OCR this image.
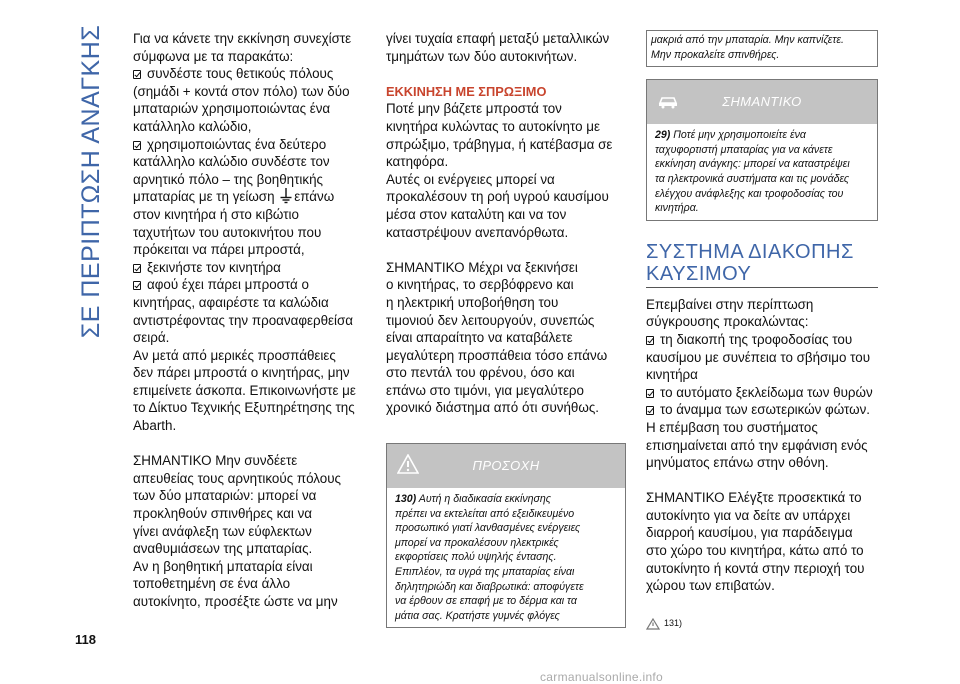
ΣΕ ΠΕΡΙΠΤΩΣΗ ΑΝΑΓΚΗΣ
118

Για να κάνετε την εκκίνηση συνεχίστε
σύμφωνα με τα παρακάτω:

συνδέστε τους θετικούς πόλους
(σημάδι + κοντά στον πόλο) των δύο
μπαταριών χρησιμοποιώντας ένα
κατάλληλο καλώδιο,

χρησιμοποιώντας ένα δεύτερο
κατάλληλο καλώδιο συνδέστε τον
αρνητικό πόλο – της βοηθητικής
μπαταρίας με τη γείωση επάνω
στον κινητήρα ή στο κιβώτιο
ταχυτήτων του αυτοκινήτου που
πρόκειται να πάρει μπροστά,

ξεκινήστε τον κινητήρα

αφού έχει πάρει μπροστά ο
κινητήρας, αφαιρέστε τα καλώδια
αντιστρέφοντας την προαναφερθείσα
σειρά.

Αν μετά από μερικές προσπάθειες
δεν πάρει μπροστά ο κινητήρας, μην
επιμείνετε άσκοπα. Επικοινωνήστε με
το Δίκτυο Τεχνικής Εξυπηρέτησης της
Abarth.

ΣΗΜΑΝΤΙΚΟ Μην συνδέετε
απευθείας τους αρνητικούς πόλους
των δύο μπαταριών: μπορεί να
προκληθούν σπινθήρες και να
γίνει ανάφλεξη των εύφλεκτων
αναθυμιάσεων της μπαταρίας.
Αν η βοηθητική μπαταρία είναι
τοποθετημένη σε ένα άλλο
αυτοκίνητο, προσέξτε ώστε να μην

γίνει τυχαία επαφή μεταξύ μεταλλικών
τμημάτων των δύο αυτοκινήτων.

ΕΚΚΙΝΗΣΗ ΜΕ ΣΠΡΩΞΙΜΟ

Ποτέ μην βάζετε μπροστά τον
κινητήρα κυλώντας το αυτοκίνητο με
σπρώξιμο, τράβηγμα, ή κατέβασμα σε
κατηφόρα.

Αυτές οι ενέργειες μπορεί να
προκαλέσουν τη ροή υγρού καυσίμου
μέσα στον καταλύτη και να τον
καταστρέψουν ανεπανόρθωτα.

ΣΗΜΑΝΤΙΚΟ Μέχρι να ξεκινήσει
ο κινητήρας, το σερβόφρενο και
η ηλεκτρική υποβοήθηση του
τιμονιού δεν λειτουργούν, συνεπώς
είναι απαραίτητο να καταβάλετε
μεγαλύτερη προσπάθεια τόσο επάνω
στο πεντάλ του φρένου, όσο και
επάνω στο τιμόνι, για μεγαλύτερο
χρονικό διάστημα από ότι συνήθως.

ΠΡΟΣΟΧΗ
130) Αυτή η διαδικασία εκκίνησης
πρέπει να εκτελείται από εξειδικευμένο
προσωπικό γιατί λανθασμένες ενέργειες
μπορεί να προκαλέσουν ηλεκτρικές
εκφορτίσεις πολύ υψηλής έντασης.
Επιπλέον, τα υγρά της μπαταρίας είναι
δηλητηριώδη και διαβρωτικά: αποφύγετε
να έρθουν σε επαφή με το δέρμα και τα
μάτια σας. Κρατήστε γυμνές φλόγες
μακριά από την μπαταρία. Μην καπνίζετε.
Μην προκαλείτε σπινθήρες.
ΣΗΜΑΝΤΙΚΟ
29) Ποτέ μην χρησιμοποιείτε ένα
ταχυφορτιστή μπαταρίας για να κάνετε
εκκίνηση ανάγκης: μπορεί να καταστρέψει
τα ηλεκτρονικά συστήματα και τις μονάδες
ελέγχου ανάφλεξης και τροφοδοσίας του
κινητήρα.
ΣΥΣΤΗΜΑ ΔΙΑΚΟΠΗΣ
ΚΑΥΣΙΜΟΥ

Επεμβαίνει στην περίπτωση
σύγκρουσης προκαλώντας:

τη διακοπή της τροφοδοσίας του
καυσίμου με συνέπεια το σβήσιμο του
κινητήρα

το αυτόματο ξεκλείδωμα των θυρών

το άναμμα των εσωτερικών φώτων.

Η επέμβαση του συστήματος
επισημαίνεται από την εμφάνιση ενός
μηνύματος επάνω στην οθόνη.

ΣΗΜΑΝΤΙΚΟ Ελέγξτε προσεκτικά το
αυτοκίνητο για να δείτε αν υπάρχει
διαρροή καυσίμου, για παράδειγμα
στο χώρο του κινητήρα, κάτω από το
αυτοκίνητο ή κοντά στην περιοχή του
χώρου των επιβατών.

131)
carmanualsonline.info
